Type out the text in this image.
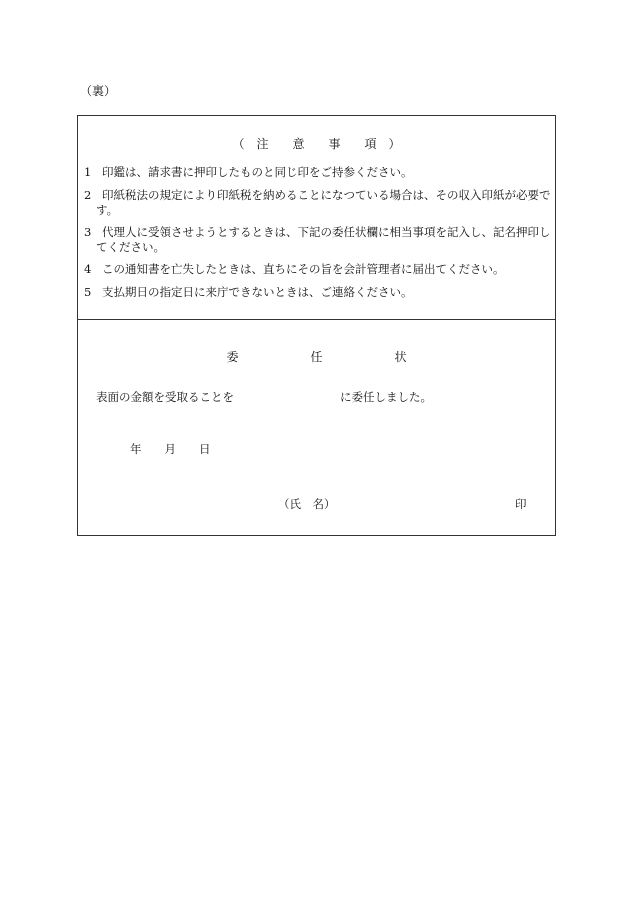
（裏）
（　注　　意　　事　　項　）
1 印鑑は、請求書に押印したものと同じ印をご持参ください。
2 印紙税法の規定により印紙税を納めることになつている場合は、その収入印紙が必要です。
3 代理人に受領させようとするときは、下記の委任状欄に相当事項を記入し、記名押印してください。
4 この通知書を亡失したときは、直ちにその旨を会計管理者に届出てください。
5 支払期日の指定日に来庁できないときは、ご連絡ください。
委　　　　　　任　　　　　　状
表面の金額を受取ることを	に委任しました。
年　　月　　日
（氏　名）	印
